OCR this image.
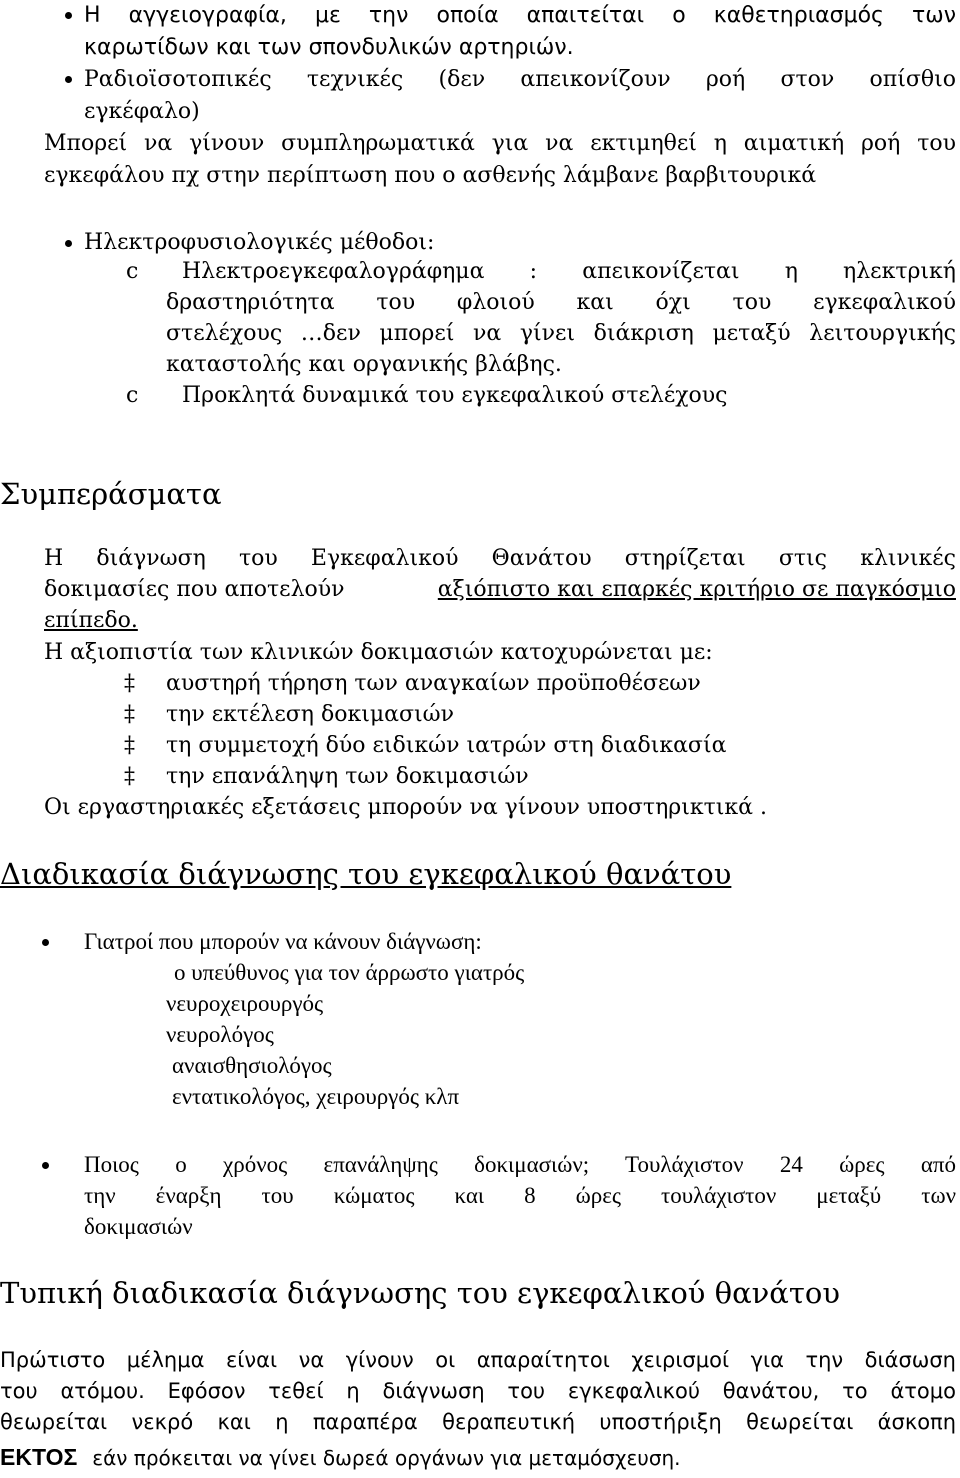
Η αγγειογραφία, με την οποία απαιτείται ο καθετηριασμός των
καρωτίδων και των σπονδυλικών αρτηριών.
Ραδιοϊσοτοπικές τεχνικές (δεν απεικονίζουν ροή στον οπίσθιο
εγκέφαλο)
Μπορεί να γίνουν συμπληρωματικά για να εκτιμηθεί η αιματική ροή του
εγκεφάλου πχ στην περίπτωση που ο ασθενής λάμβανε βαρβιτουρικά
Ηλεκτροφυσιολογικές μέθοδοι:
c Ηλεκτροεγκεφαλογράφημα : απεικονίζεται η ηλεκτρική
δραστηριότητα του φλοιού και όχι του εγκεφαλικού
στελέχους …δεν μπορεί να γίνει διάκριση μεταξύ λειτουργικής
καταστολής και οργανικής βλάβης.
c Προκλητά δυναμικά του εγκεφαλικού στελέχους
Συμπεράσματα
Η διάγνωση του Εγκεφαλικού Θανάτου στηρίζεται στις κλινικές
δοκιμασίες που αποτελούν	αξιόπιστο και επαρκές κριτήριο σε παγκόσμιο
επίπεδο.
Η αξιοπιστία των κλινικών δοκιμασιών κατοχυρώνεται με:
‡ αυστηρή τήρηση των αναγκαίων προϋποθέσεων
‡ την εκτέλεση δοκιμασιών
‡ τη συμμετοχή δύο ειδικών ιατρών στη διαδικασία
‡ την επανάληψη των δοκιμασιών
Οι εργαστηριακές εξετάσεις μπορούν να γίνουν υποστηρικτικά .
Διαδικασία διάγνωσης του εγκεφαλικού θανάτου
Γιατροί που μπορούν να κάνουν διάγνωση:
ο υπεύθυνος για τον άρρωστο γιατρός
νευροχειρουργός
νευρολόγος
αναισθησιολόγος
εντατικολόγος, χειρουργός κλπ
Ποιος ο χρόνος επανάληψης δοκιμασιών; Τουλάχιστον 24 ώρες από
την έναρξη του κώματος και 8 ώρες τουλάχιστον μεταξύ των
δοκιμασιών
Τυπική διαδικασία διάγνωσης του εγκεφαλικού θανάτου
Πρώτιστο μέλημα είναι να γίνουν οι απαραίτητοι χειρισμοί για την διάσωση
του ατόμου. Εφόσον τεθεί η διάγνωση του εγκεφαλικού θανάτου, το άτομο
θεωρείται νεκρό και η παραπέρα θεραπευτική υποστήριξη θεωρείται άσκοπη
ΕΚΤΟΣ εάν πρόκειται να γίνει δωρεά οργάνων για μεταμόσχευση.
